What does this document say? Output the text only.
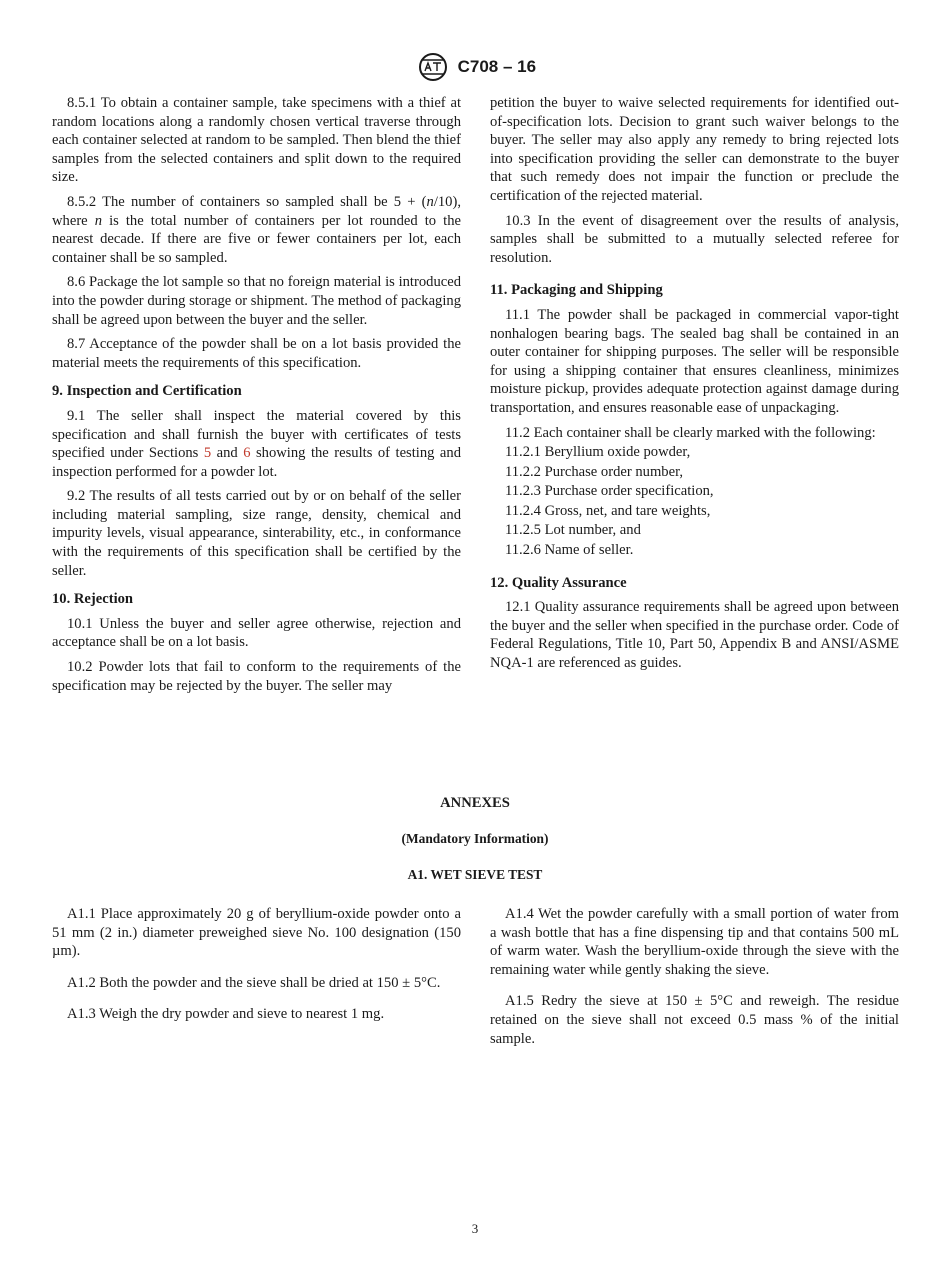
C708 – 16

8.5.1 To obtain a container sample, take specimens with a thief at random locations along a randomly chosen vertical traverse through each container selected at random to be sampled. Then blend the thief samples from the selected containers and split down to the required size.

8.5.2 The number of containers so sampled shall be 5 + (n/10), where n is the total number of containers per lot rounded to the nearest decade. If there are five or fewer containers per lot, each container shall be so sampled.

8.6 Package the lot sample so that no foreign material is introduced into the powder during storage or shipment. The method of packaging shall be agreed upon between the buyer and the seller.

8.7 Acceptance of the powder shall be on a lot basis provided the material meets the requirements of this specification.

9. Inspection and Certification

9.1 The seller shall inspect the material covered by this specification and shall furnish the buyer with certificates of tests specified under Sections 5 and 6 showing the results of testing and inspection performed for a powder lot.

9.2 The results of all tests carried out by or on behalf of the seller including material sampling, size range, density, chemical and impurity levels, visual appearance, sinterability, etc., in conformance with the requirements of this specification shall be certified by the seller.

10. Rejection

10.1 Unless the buyer and seller agree otherwise, rejection and acceptance shall be on a lot basis.

10.2 Powder lots that fail to conform to the requirements of the specification may be rejected by the buyer. The seller may

petition the buyer to waive selected requirements for identified out-of-specification lots. Decision to grant such waiver belongs to the buyer. The seller may also apply any remedy to bring rejected lots into specification providing the seller can demonstrate to the buyer that such remedy does not impair the function or preclude the certification of the rejected material.

10.3 In the event of disagreement over the results of analysis, samples shall be submitted to a mutually selected referee for resolution.

11. Packaging and Shipping

11.1 The powder shall be packaged in commercial vapor-tight nonhalogen bearing bags. The sealed bag shall be contained in an outer container for shipping purposes. The seller will be responsible for using a shipping container that ensures cleanliness, minimizes moisture pickup, provides adequate protection against damage during transportation, and ensures reasonable ease of unpackaging.

11.2 Each container shall be clearly marked with the following:

11.2.1 Beryllium oxide powder,
11.2.2 Purchase order number,
11.2.3 Purchase order specification,
11.2.4 Gross, net, and tare weights,
11.2.5 Lot number, and
11.2.6 Name of seller.
12. Quality Assurance

12.1 Quality assurance requirements shall be agreed upon between the buyer and the seller when specified in the purchase order. Code of Federal Regulations, Title 10, Part 50, Appendix B and ANSI/ASME NQA-1 are referenced as guides.

ANNEXES
(Mandatory Information)
A1. WET SIEVE TEST

A1.1 Place approximately 20 g of beryllium-oxide powder onto a 51 mm (2 in.) diameter preweighed sieve No. 100 designation (150 µm).

A1.2 Both the powder and the sieve shall be dried at 150 ± 5°C.

A1.3 Weigh the dry powder and sieve to nearest 1 mg.

A1.4 Wet the powder carefully with a small portion of water from a wash bottle that has a fine dispensing tip and that contains 500 mL of warm water. Wash the beryllium-oxide through the sieve with the remaining water while gently shaking the sieve.

A1.5 Redry the sieve at 150 ± 5°C and reweigh. The residue retained on the sieve shall not exceed 0.5 mass % of the initial sample.

3
